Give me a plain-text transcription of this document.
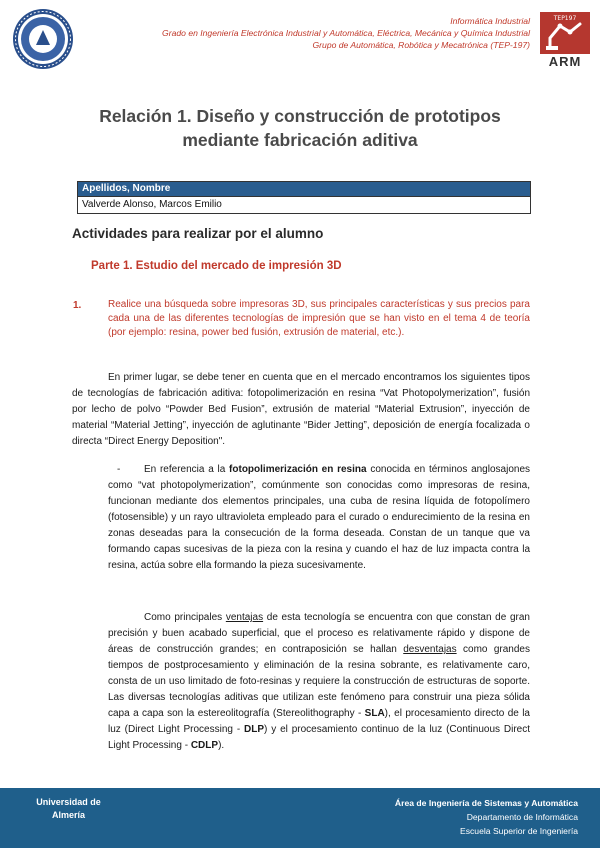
Informática Industrial
Grado en Ingeniería Electrónica Industrial y Automática, Eléctrica, Mecánica y Química Industrial
Grupo de Automática, Robótica y Mecatrónica (TEP-197)
TEP197
ARM
Relación 1. Diseño y construcción de prototipos
mediante fabricación aditiva
Apellidos, Nombre
Valverde Alonso, Marcos Emilio
Actividades para realizar por el alumno
Parte 1. Estudio del mercado de impresión 3D
1.	Realice una búsqueda sobre impresoras 3D, sus principales características y sus precios para cada una de las diferentes tecnologías de impresión que se han visto en el tema 4 de teoría (por ejemplo: resina, power bed fusión, extrusión de material, etc.).
En primer lugar, se debe tener en cuenta que en el mercado encontramos los siguientes tipos de tecnologías de fabricación aditiva: fotopolimerización en resina “Vat Photopolymerization”, fusión por lecho de polvo “Powder Bed Fusion”, extrusión de material “Material Extrusion”, inyección de material “Material Jetting”, inyección de aglutinante “Bider Jetting”, deposición de energía focalizada o directa “Direct Energy Deposition".
- En referencia a la fotopolimerización en resina conocida en términos anglosajones como “vat photopolymerization”, comúnmente son conocidas como impresoras de resina, funcionan mediante dos elementos principales, una cuba de resina líquida de fotopolímero (fotosensible) y un rayo ultravioleta empleado para el curado o endurecimiento de la resina en zonas deseadas para la consecución de la forma deseada. Constan de un tanque que va formando capas sucesivas de la pieza con la resina y cuando el haz de luz impacta contra la resina, actúa sobre ella formando la pieza sucesivamente.
Como principales ventajas de esta tecnología se encuentra con que constan de gran precisión y buen acabado superficial, que el proceso es relativamente rápido y dispone de áreas de construcción grandes; en contraposición se hallan desventajas como grandes tiempos de postprocesamiento y eliminación de la resina sobrante, es relativamente caro, consta de un uso limitado de foto-resinas y requiere la construcción de estructuras de soporte. Las diversas tecnologías aditivas que utilizan este fenómeno para construir una pieza sólida capa a capa son la estereolitografía (Stereolithography - SLA), el procesamiento directo de la luz (Direct Light Processing - DLP) y el procesamiento continuo de la luz (Continuous Direct Light Processing - CDLP).
Universidad de
Almería
Área de Ingeniería de Sistemas y Automática
Departamento de Informática
Escuela Superior de Ingeniería
